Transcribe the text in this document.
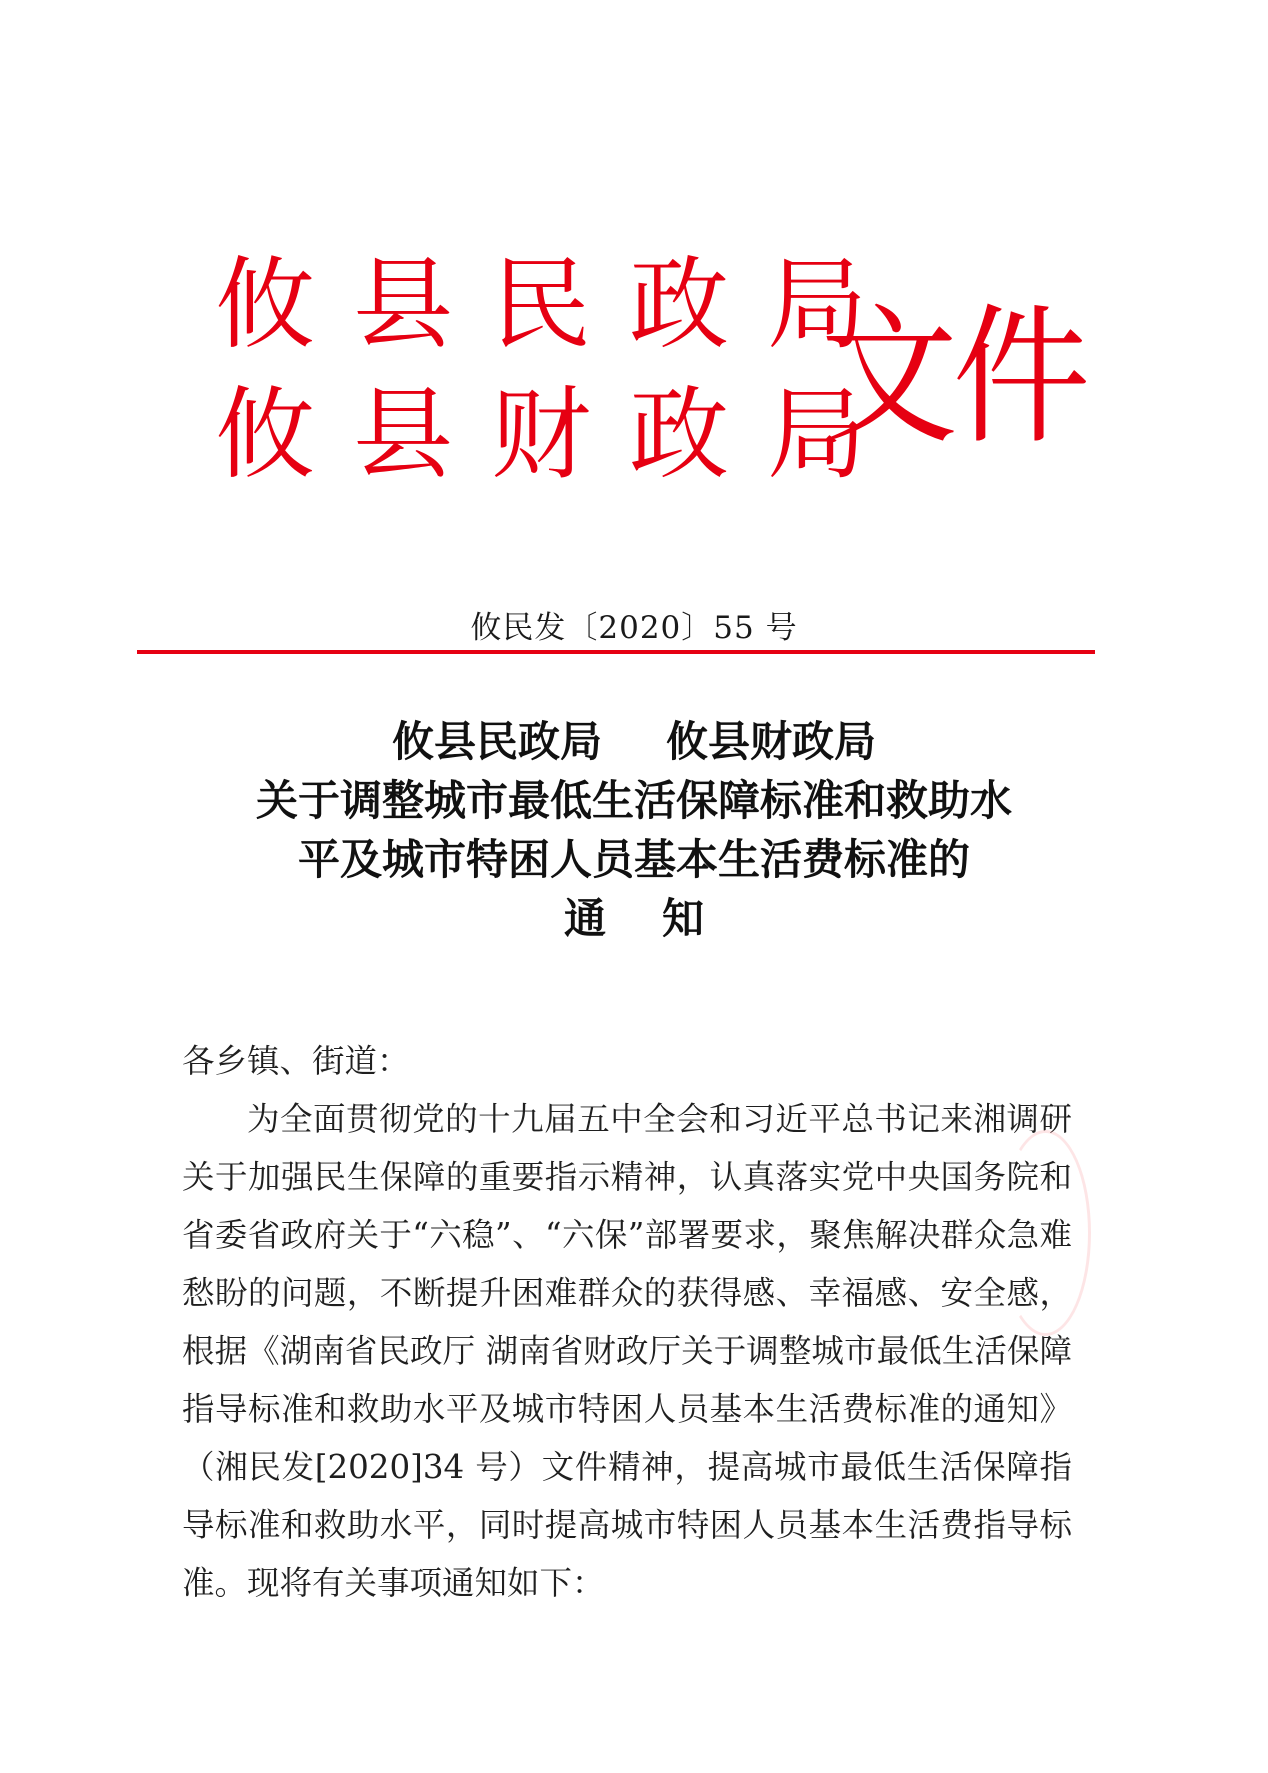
攸县民政局
攸县财政局
文件
攸民发〔2020〕55 号
攸县民政局 攸县财政局
关于调整城市最低生活保障标准和救助水
平及城市特困人员基本生活费标准的
通知
各乡镇、街道：
为全面贯彻党的十九届五中全会和习近平总书记来湘调研关于加强民生保障的重要指示精神，认真落实党中央国务院和省委省政府关于“六稳”、“六保”部署要求，聚焦解决群众急难愁盼的问题，不断提升困难群众的获得感、幸福感、安全感，根据《湖南省民政厅 湖南省财政厅关于调整城市最低生活保障指导标准和救助水平及城市特困人员基本生活费标准的通知》（湘民发[2020]34 号）文件精神，提高城市最低生活保障指导标准和救助水平，同时提高城市特困人员基本生活费指导标准。现将有关事项通知如下：
